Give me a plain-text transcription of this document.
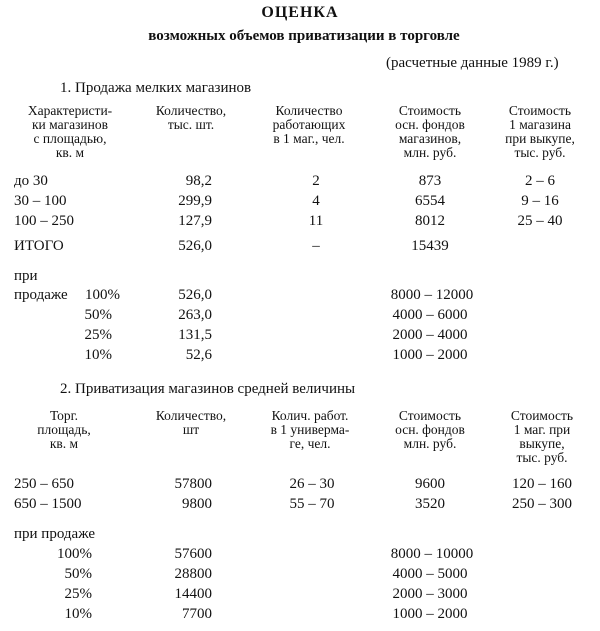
ОЦЕНКА
возможных объемов приватизации в торговле
(расчетные данные 1989 г.)
1. Продажа мелких магазинов
Характеристи-
ки магазинов
с площадью,
кв. м
Количество,
тыс. шт.
Количество
работающих
в 1 маг., чел.
Стоимость
осн. фондов
магазинов,
млн. руб.
Стоимость
1 магазина
при выкупе,
тыс. руб.
до 30	98,2	2	873	2 – 6
30 – 100	299,9	4	6554	9 – 16
100 – 250	127,9	11	8012	25 – 40
ИТОГО	526,0	–	15439
при
продаже 100%	526,0	8000 – 12000
50%	263,0	4000 – 6000
25%	131,5	2000 – 4000
10%	52,6	1000 – 2000
2. Приватизация магазинов средней величины
Торг.
площадь,
кв. м
Количество,
шт
Колич. работ.
в 1 универма-
ге, чел.
Стоимость
осн. фондов
млн. руб.
Стоимость
1 маг. при
выкупе,
тыс. руб.
250 – 650	57800	26 – 30	9600	120 – 160
650 – 1500	9800	55 – 70	3520	250 – 300
при продаже
100%	57600	8000 – 10000
50%	28800	4000 – 5000
25%	14400	2000 – 3000
10%	7700	1000 – 2000
